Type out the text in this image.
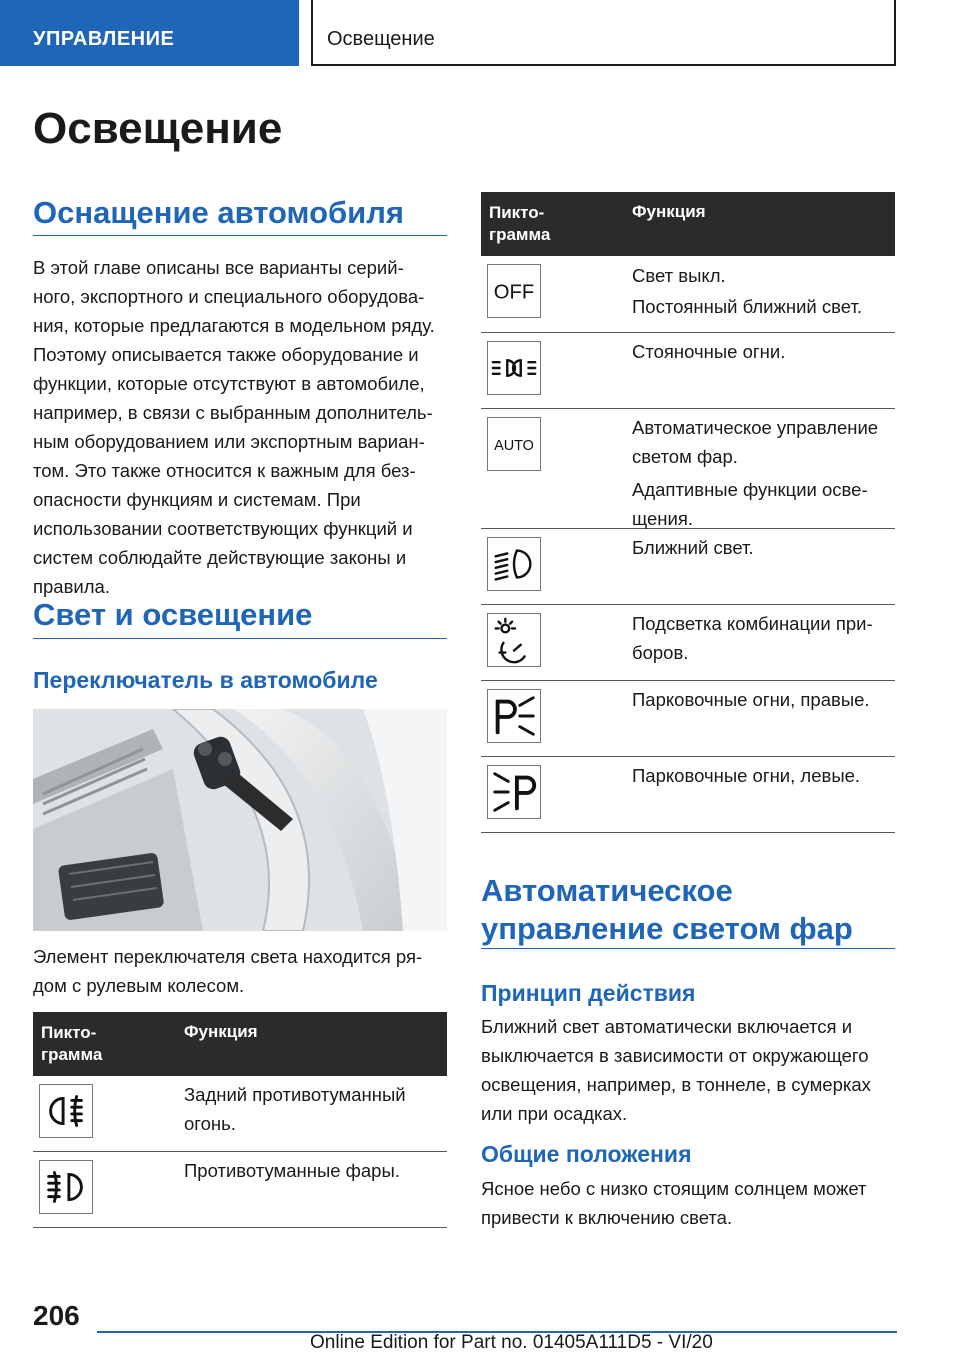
УПРАВЛЕНИЕ	Освещение
Освещение
Оснащение автомобиля
В этой главе описаны все варианты серий-
ного, экспортного и специального оборудова-
ния, которые предлагаются в модельном ряду.
Поэтому описывается также оборудование и
функции, которые отсутствуют в автомобиле,
например, в связи с выбранным дополнитель-
ным оборудованием или экспортным вариан-
том. Это также относится к важным для без-
опасности функциям и системам. При
использовании соответствующих функций и
систем соблюдайте действующие законы и
правила.
Свет и освещение
Переключатель в автомобиле
Элемент переключателя света находится ря-
дом с рулевым колесом.
Пикто-
грамма
Функция
Задний противотуманный
огонь.
Противотуманные фары.
Пикто-
грамма
Функция
OFF
Свет выкл.
Постоянный ближний свет.
Стояночные огни.
AUTO
Автоматическое управление
светом фар.
Адаптивные функции осве-
щения.
Ближний свет.
Подсветка комбинации при-
боров.
Парковочные огни, правые.
Парковочные огни, левые.
Автоматическое
управление светом фар
Принцип действия
Ближний свет автоматически включается и
выключается в зависимости от окружающего
освещения, например, в тоннеле, в сумерках
или при осадках.
Общие положения
Ясное небо с низко стоящим солнцем может
привести к включению света.
206
Online Edition for Part no. 01405A111D5 - VI/20
